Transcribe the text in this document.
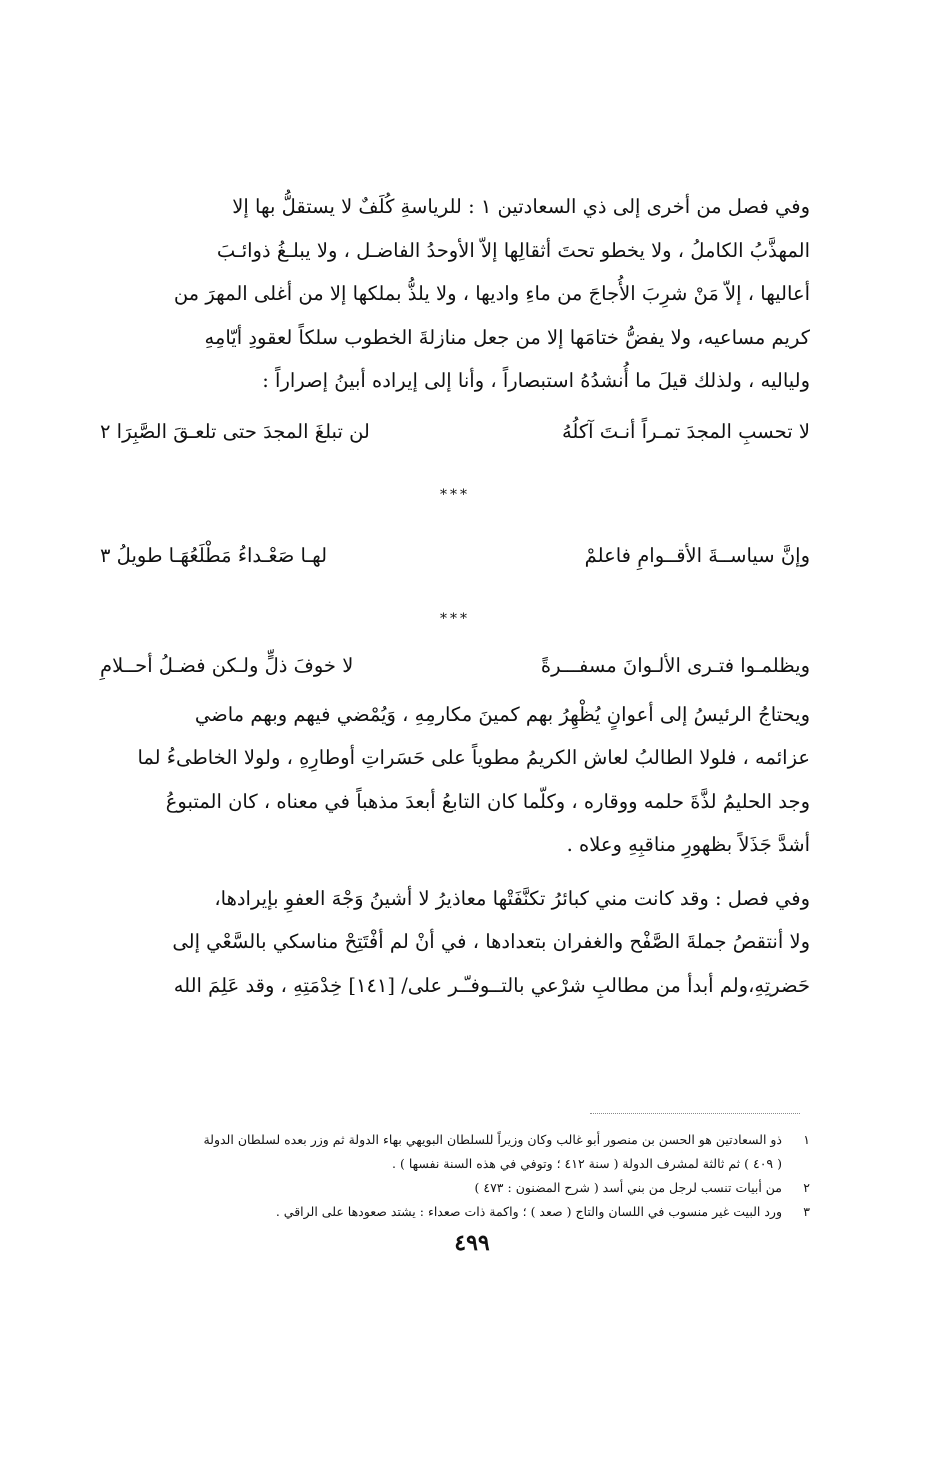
وفي فصل من أخرى إلى ذي السعادتين ١ : للرياسةِ كُلَفٌ لا يستقلُّ بها إلا
المهذَّبُ الكاملُ ، ولا يخطو تحتَ أثقالِها إلاّ الأوحدُ الفاضـل ، ولا يبلـغُ ذوائـبَ
أعاليها ، إلاّ مَنْ شرِبَ الأُجاجَ من ماءِ واديها ، ولا يلذُّ بملكها إلا من أغلى المهرَ من
كريم مساعيه، ولا يفضُّ ختامَها إلا من جعل منازلةَ الخطوب سلكاً لعقودِ أيّامِهِ
ولياليه ، ولذلك قيلَ ما أُنشدُهُ استبصاراً ، وأنا إلى إيراده أبينُ إصراراً :

لا تحسبِ المجدَ تمـراً أنـتَ آكلُهُ
لن تبلغَ المجدَ حتى تلعـقَ الصَّبِرَا ٢
***
وإنَّ سياســةَ الأقــوامِ فاعلمْ
لهـا صَعْـداءُ مَطْلَعُهَـا طويلُ ٣
***
ويظلمـوا فتـرى الألـوانَ مسفـــرةً
لا خوفَ ذلٍّ ولـكن فضـلُ أحــلامِ

ويحتاجُ الرئيسُ إلى أعوانٍ يُظْهِرُ بهم كمينَ مكارمِهِ ، وَيُمْضي فيهم وبهم ماضي
عزائمه ، فلولا الطالبُ لعاش الكريمُ مطوياً على حَسَراتِ أوطارِهِ ، ولولا الخاطىءُ لما
وجد الحليمُ لذَّةَ حلمه ووقاره ، وكلّما كان التابعُ أبعدَ مذهباً في معناه ، كان المتبوعُ
أشدَّ جَذَلاً بظهورِ مناقبِهِ وعلاه .

وفي فصل : وقد كانت مني كبائرُ تكنَّفَتْها معاذيرُ لا أشينُ وَجْهَ العفوِ بإيرادها،
ولا أنتقصُ جملةَ الصَّفْح والغفران بتعدادها ، في أنْ لم أفْتَتِحْ مناسكي بالسَّعْي إلى
حَضرتِهِ،ولم أبدأ من مطالبِ شرْعي بالتــوفـّـر على/ [١٤١] خِدْمَتِهِ ، وقد عَلِمَ الله

١
ذو السعادتين هو الحسن بن منصور أبو غالب وكان وزيراً للسلطان البويهي بهاء الدولة ثم وزر بعده لسلطان الدولة
( ٤٠٩ ) ثم ثالثة لمشرف الدولة ( سنة ٤١٢ ؛ وتوفي في هذه السنة نفسها ) .
٢
من أبيات تنسب لرجل من بني أسد ( شرح المضنون : ٤٧٣ )
٣
ورد البيت غير منسوب في اللسان والتاج ( صعد ) ؛ واكمة ذات صعداء : يشتد صعودها على الراقي .
٤٩٩
